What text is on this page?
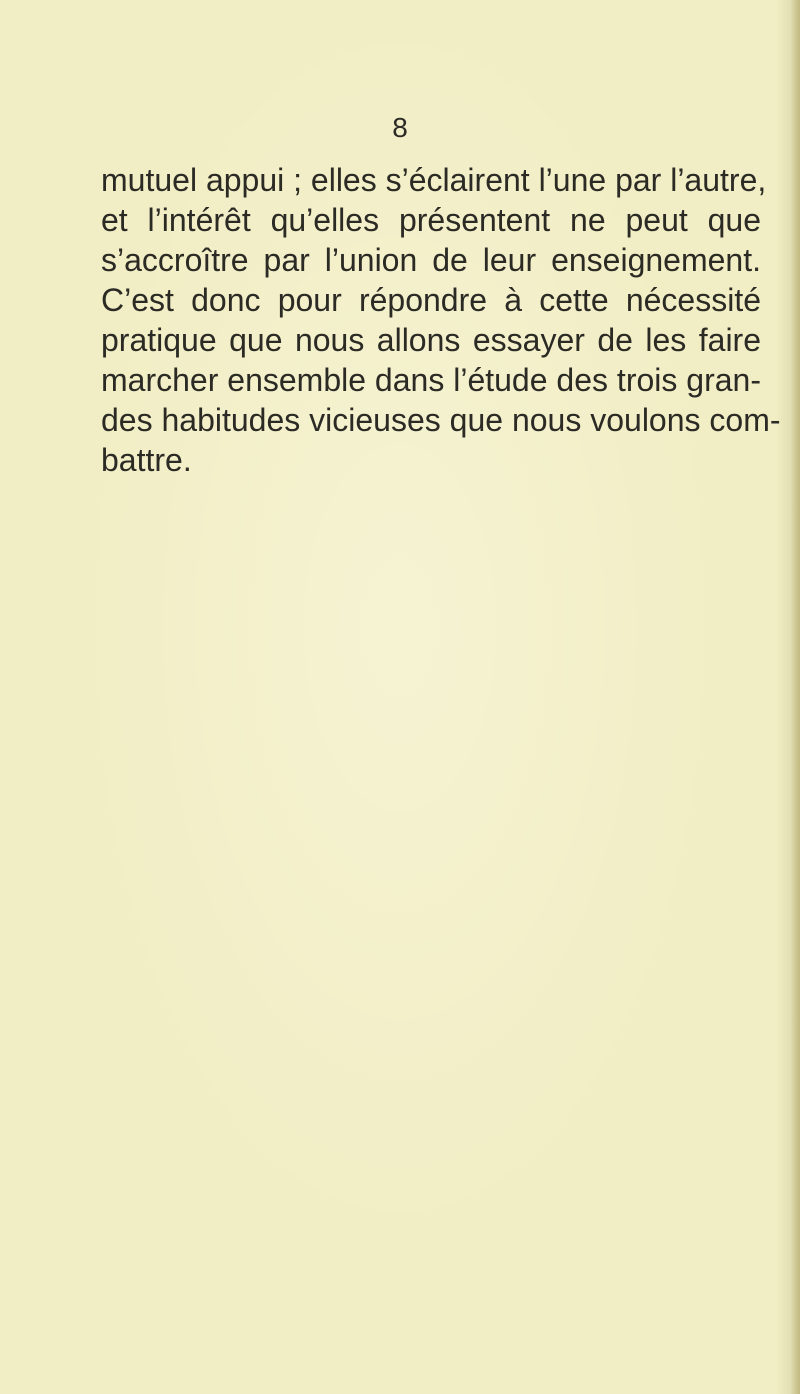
8
mutuel appui ; elles s’éclairent l’une par l’autre,
et l’intérêt qu’elles présentent ne peut que
s’accroître par l’union de leur enseignement.
C’est donc pour répondre à cette nécessité
pratique que nous allons essayer de les faire
marcher ensemble dans l’étude des trois gran-
des habitudes vicieuses que nous voulons com-
battre.
